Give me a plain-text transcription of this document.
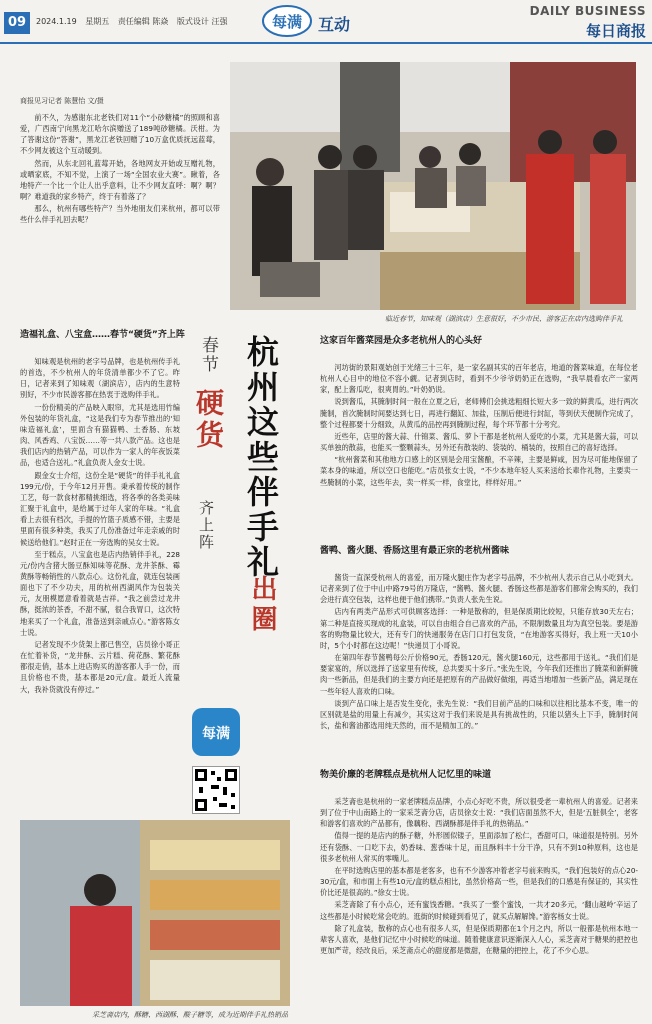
09	2024.1.19 星期五 责任编辑 陈焱 版式设计 汪强	每满 互动
DAILY BUSINESS
每日商报
商报见习记者 陈慧怡 文/摄

前不久，为感谢东北老铁们对11个“小砂糖橘”的照顾和喜爱，广西南宁向黑龙江哈尔滨赠送了189吨砂糖橘。沃柑。为了答谢这份“答谢”，黑龙江老铁回赠了10万盒优质抚远蓝莓，不少网友被这个互动暖到。

然而，从东北回礼蓝莓开始，各地网友开始或互赠礼物，或晒家底，不知不觉，上演了一场“全国农业大赛”。瞅着，各地特产一个比一个让人出乎意料，让不少网友直呼：啊？啊？啊？难道我的家乡特产，终于有着落了？

那么，杭州有哪些特产？当外地朋友们来杭州，都可以带些什么伴手礼回去呢？

临近春节，知味观（湖滨店）生意很好，不少市民、游客正在店内选购伴手礼
造福礼盒、八宝盒……春节“硬货”齐上阵

知味观是杭州的老字号品牌，也是杭州传手礼的首选，不少杭州人的年货清单都少不了它。昨日，记者来到了知味观（湖滨店），店内的生意特别好，不少市民游客都在热衷于选购伴手礼。

一份份精美的产品映入眼帘，尤其是选用竹编外包装的年货礼盒，“这是我们专为春节推出的‘知味造福礼盒’，里面含有猫猫鸭、土香肠、东坡肉、风香鸡、八宝饭……等一共八款产品。这也是我们店内的热销产品，可以作为一家人的年夜饭菜品，也适合送礼。”礼盒负责人金女士说。

跟金女士介绍，这份全是“硬货”的伴手礼礼盒199元/份，于今年12月开售。秉承着传统的制作工艺，每一款食材都精挑细选，将各季的各类美味汇聚于礼盒中，是给属于过年人家的年味。“礼盒看上去很有档次，手提的竹篮子质感不错，主要是里面有很多种类，我买了几份准备过年走亲戚的时候送给他们。”赵时正在一旁选购的吴女士说。

至于糕点，八宝盒也是店内热销伴手礼，228元/份内含猪大肠豆酥知味等花酥、龙井茶酥、霉黄酥等畅销性的八款点心。这份礼盒，就连包装画面也下了不少功夫，用的杭州西湖风作为包装关元，友朋模愿意看着就是吉祥。“我之前尝过龙井酥，挺浓的茶香，不甜不腻，很合我胃口，这次特地来买了一个礼盒，准备送到亲戚点心。”游客陈女士说。

记者发现不少货架上都已售空，店员徐小哥正在忙着补货，“龙井酥、云片糕、荷花酥、繁花酥都很走俏，基本上进店购买的游客都人手一份，而且价格也不贵，基本都是20元/盒。最近人流量大，我补货就没有停过。”

杭州这些伴手礼
春节
硬货
齐上阵
出圈
每满
这家百年酱菜园是众多老杭州人的心头好

河坊街的景阳观始创于光绪三十三年，是一家名副其实的百年老店，地道的酱菜味道，在每位老杭州人心目中的地位不容小觑。记者到店时，看到不少爷爷奶奶正在选购，“我早晨看农产一家两家，配上酱瓜吃，很爽胃的。”叶奶奶说。

说到酱瓜，其腌制时间一般在立夏之后，老师傅们会挑选粗细长短大多一致的鲜黄瓜，进行两次腌制，首次腌制时间要达到七日，再进行翻缸、加盐，压制后便进行封缸，等到伏天便制作完成了，整个过程都要十分细致，从黄瓜的品控再到腌制过程，每个环节都十分考究。

近些年，店里的酱大蒜、什锦菜、酱瓜、萝卜干都是老杭州人爱吃的小菜，尤其是酱大蒜，可以买单独的散蒜，也能买一整颗蒜头，另外还有散装的、袋装的、桶装的，按照自己的喜好选择。

“杭州酱菜和其他地方口感上的区别是会用宝酱酿，不辛辣，主要是鲜咸，因为尽可能地保留了菜本身的味道，所以空口也能吃。”店员张女士说，“不少本地年轻人买来送给长辈作礼物，主要卖一些腌制的小菜，这些年去，卖一样买一样，食堂比，样样好用。”

酱鸭、酱火腿、香肠这里有最正宗的老杭州酱味

酱货一直深受杭州人的喜爱，而万隆火腿庄作为老字号品牌，不少杭州人表示自己从小吃到大。记者来到了位于中山中路79号的万隆店，“酱鸭、酱火腿、香肠这些都是游客们都常会购买的，我们会进行真空包装，这样也便于他们携带。”负责人张先生说。

店内有两类产品形式可供顾客选择：一种是散称的，但是保质期比较短，只能存放30天左右；第二种是直接买现成的礼盒装，可以自由组合自己喜欢的产品，不限制数量且均为真空包装。要是游客的购物量比较大，还有专门的快递服务在店门口打包发货，“在地游客买得好，我上班一天10小时，5个小时都在这边呢！”快递员丁小哥说。

在第四年春节酱鸭每公斤价格90元，香肠120元，酱火腿160元，这些都用于送礼。“我们们是要家宴的，所以选择了送家里有传统，总共要买十多斤。”张先生说，今年我们还推出了腌菜和新鲜腌肉一些新品，但是我们的主要方向还是把原有的产品做好做细，再适当地增加一些新产品，满足现在一些年轻人喜欢的口味。

谈到产品口味上是否发生变化，张先生说：“我们目前产品的口味和以往相比基本不变，唯一的区别就是盐的用量上有减少，其实这对于我们来说是具有挑战性的，只能以猪头上下手，腌制时间长，盐和酱油都选用纯天然的，而不是精加工的。”

物美价廉的老牌糕点是杭州人记忆里的味道

采芝斋也是杭州的一家老牌糕点品牌，小点心好吃不贵，所以很受老一辈杭州人的喜爱。记者来到了位于中山南路上的一家采芝斋分店，店员徐女士说：“我们店面虽然不大，但是‘五脏俱全’，老客和游客们喜欢的产品都有，像藕粉、西湖酥都是伴手礼的热销品。”

值得一提的是店内的酥子糖，外形圆似镂子，里面添加了松仁，香甜可口，味道很是特别。另外还有袋酥、一口吃下去，奶香味、葱香味十足，而且酥料丰十分干净，只有不到10种原料，这也是很多老杭州人常买的零嘴儿。

在平时选购店里的基本都是老客多，也有不少游客冲着老字号前来购买，“我们包装好的点心20-30元/盒，和市面上有些10元/盒的糕点相比，虽然价格高一些，但是我们的口感是有保证的，其实性价比还是很高的。”徐女士说。

采芝斋除了有小点心，还有蜜饯香糖。“我买了一整个蜜饯，一共才20多元，‘翻山越岭’辛运了这些都是小时候吃常会吃的。逛街的时候碰到看见了，就买点解解馋。”游客杨女士说。

除了礼盒装，散称的点心也有很多人买，但是保质期都在1个月之内，所以一般都是杭州本地一辈客人喜欢，是他们记忆中小时候吃的味道。随着健康意识逐渐深入人心，采芝斋对于糖果的把控也更加严苛，经改良后，采芝斋点心的甜度都是微甜，在糖量的把控上，花了不少心思。

采芝斋店内，酥糖、西湖酥、酸子糖等，成为近期伴手礼热销品
